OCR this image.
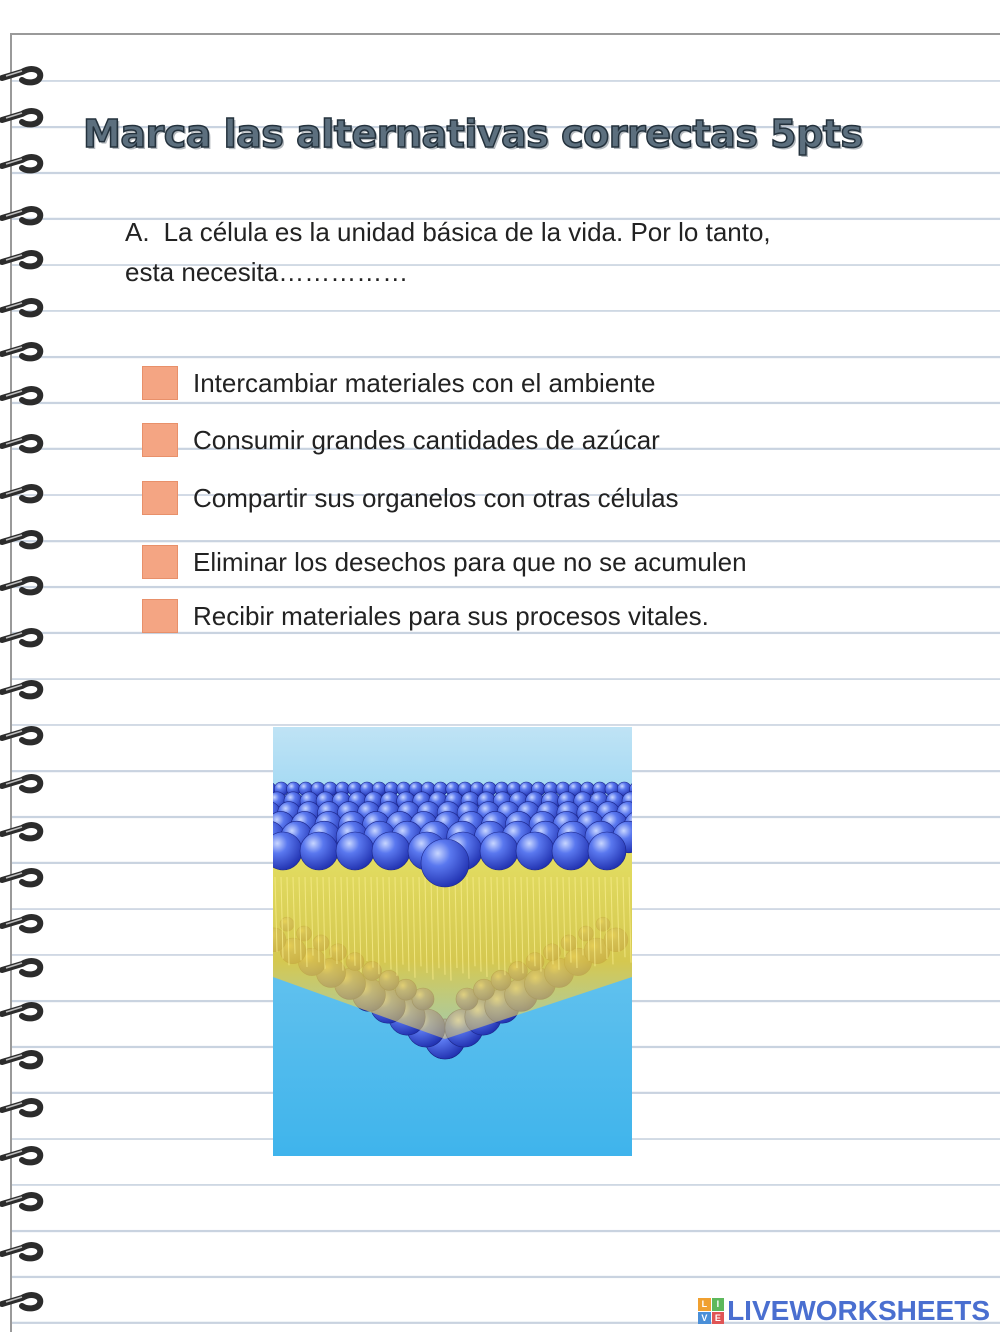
Marca las alternativas correctas 5pts
A. La célula es la unidad básica de la vida. Por lo tanto,
esta necesita……………
Intercambiar materiales con el ambiente
Consumir grandes cantidades de azúcar
Compartir sus organelos con otras células
Eliminar los desechos para que no se acumulen
Recibir materiales para sus procesos vitales.
L	I
V E LIVEWORKSHEETS
